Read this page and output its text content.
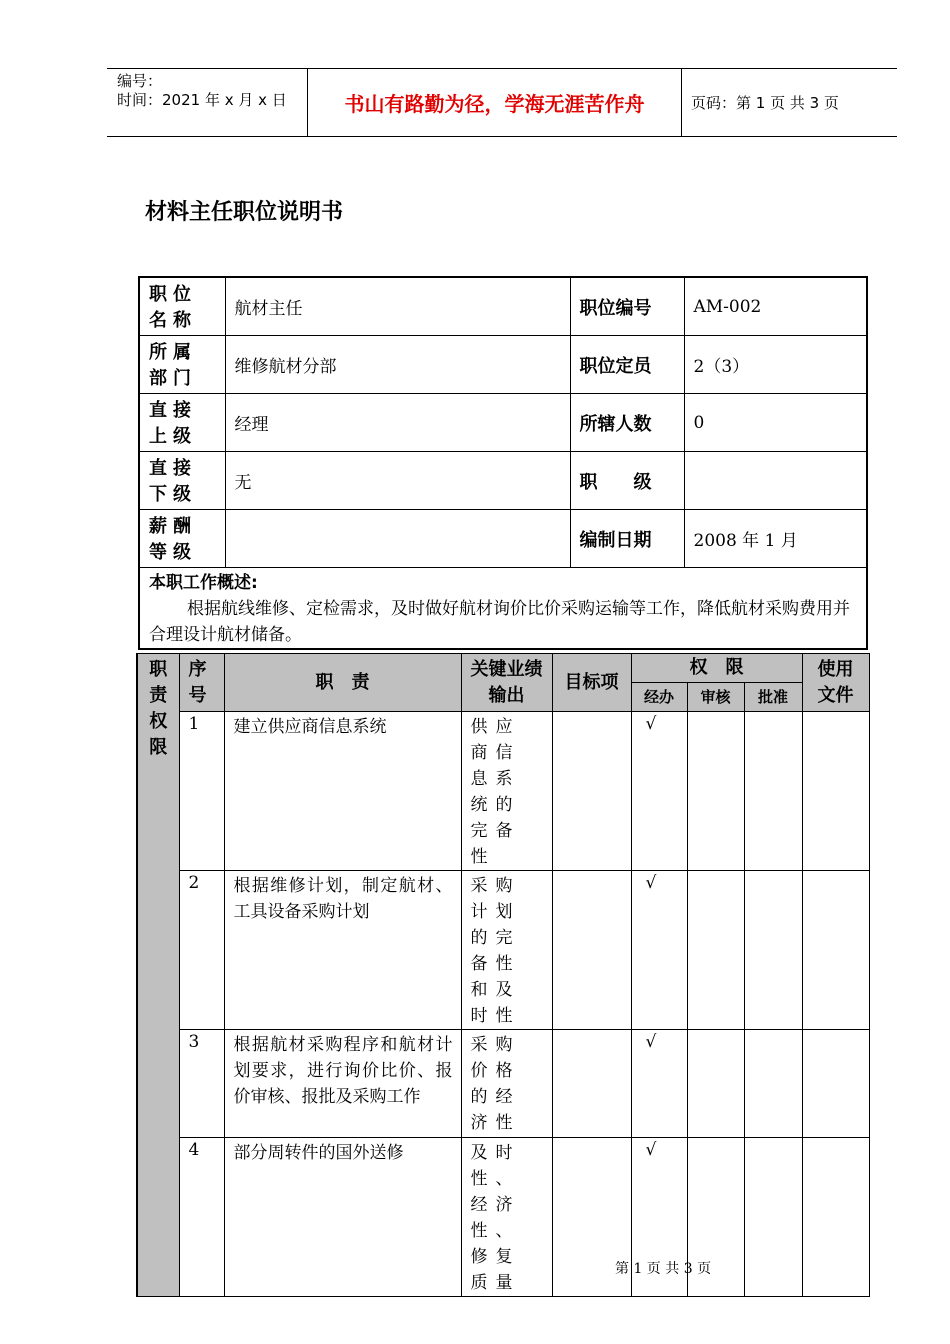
编号：
时间：2021 年 x 月 x 日	书山有路勤为径，学海无涯苦作舟	页码：第 1 页 共 3 页
材料主任职位说明书
职位名称	航材主任	职位编号	AM-002
所属部门	维修航材分部	职位定员	2（3）
直接上级	经理	所辖人数	0
直接下级	无	职　　级	
薪酬等级		编制日期	2008 年 1 月

本职工作概述:
根据航线维修、定检需求，及时做好航材询价比价采购运输等工作，降低航材采购费用并合理设计航材储备。			
职责权限	序号	职　责	关键业绩输出	目标项	权　限			使用文件

					经办	审核	批准	
	1	建立供应商信息系统	供应商信息系统的完备性		√			
	2	根据维修计划，制定航材、工具设备采购计划	采购计划的完备性和及时性		√			
	3	根据航材采购程序和航材计划要求，进行询价比价、报价审核、报批及采购工作	采购价格的经济性		√			
	4	部分周转件的国外送修	及时性、经济性、修复质量		√			
第 1 页 共 3 页
